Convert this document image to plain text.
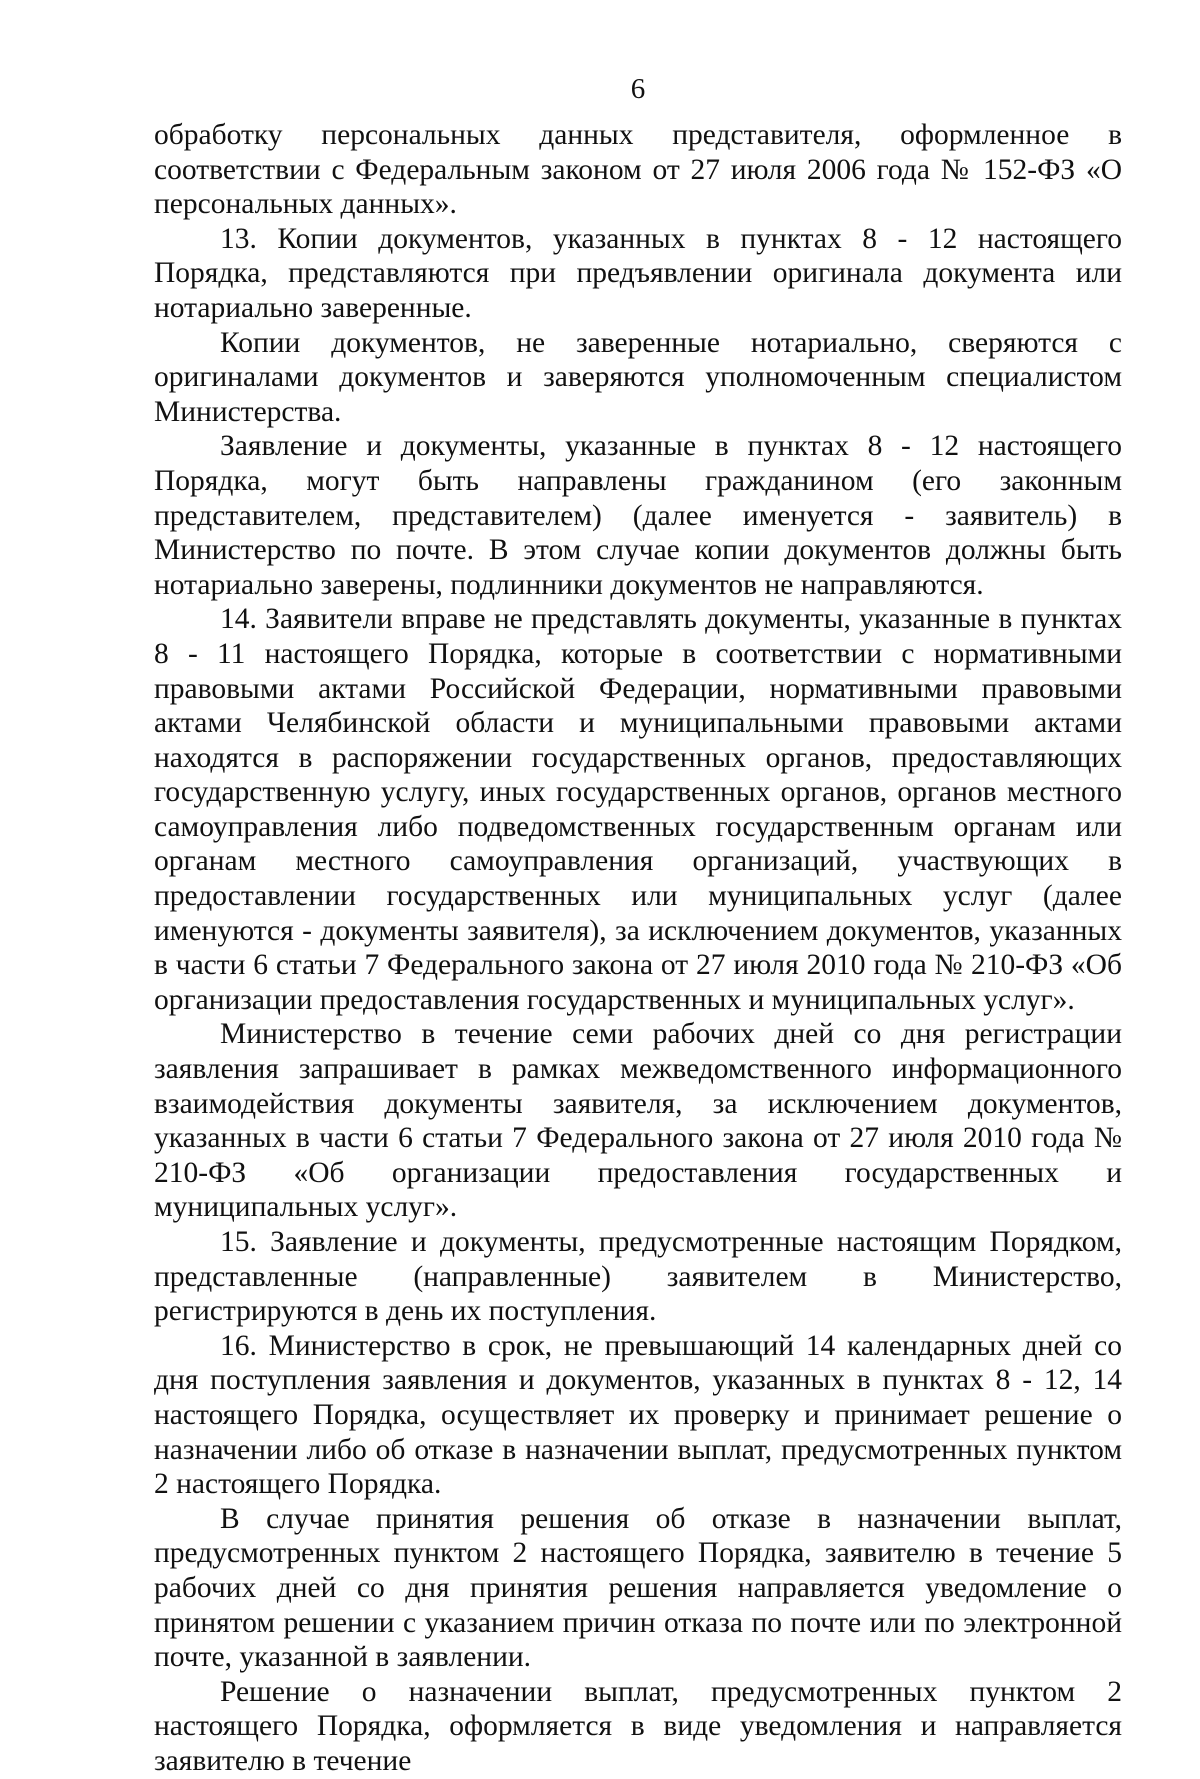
6

обработку персональных данных представителя, оформленное в соответствии с Федеральным законом от 27 июля 2006 года № 152-ФЗ «О персональных данных».

13. Копии документов, указанных в пунктах 8 - 12 настоящего Порядка, представляются при предъявлении оригинала документа или нотариально заверенные.

Копии документов, не заверенные нотариально, сверяются с оригиналами документов и заверяются уполномоченным специалистом Министерства.

Заявление и документы, указанные в пунктах 8 - 12 настоящего Порядка, могут быть направлены гражданином (его законным представителем, представителем) (далее именуется - заявитель) в Министерство по почте. В этом случае копии документов должны быть нотариально заверены, подлинники документов не направляются.

14. Заявители вправе не представлять документы, указанные в пунктах 8 - 11 настоящего Порядка, которые в соответствии с нормативными правовыми актами Российской Федерации, нормативными правовыми актами Челябинской области и муниципальными правовыми актами находятся в распоряжении государственных органов, предоставляющих государственную услугу, иных государственных органов, органов местного самоуправления либо подведомственных государственным органам или органам местного самоуправления организаций, участвующих в предоставлении государственных или муниципальных услуг (далее именуются - документы заявителя), за исключением документов, указанных в части 6 статьи 7 Федерального закона от 27 июля 2010 года № 210-ФЗ «Об организации предоставления государственных и муниципальных услуг».

Министерство в течение семи рабочих дней со дня регистрации заявления запрашивает в рамках межведомственного информационного взаимодействия документы заявителя, за исключением документов, указанных в части 6 статьи 7 Федерального закона от 27 июля 2010 года № 210-ФЗ «Об организации предоставления государственных и муниципальных услуг».

15. Заявление и документы, предусмотренные настоящим Порядком, представленные (направленные) заявителем в Министерство, регистрируются в день их поступления.

16. Министерство в срок, не превышающий 14 календарных дней со дня поступления заявления и документов, указанных в пунктах 8 - 12, 14 настоящего Порядка, осуществляет их проверку и принимает решение о назначении либо об отказе в назначении выплат, предусмотренных пунктом 2 настоящего Порядка.

В случае принятия решения об отказе в назначении выплат, предусмотренных пунктом 2 настоящего Порядка, заявителю в течение 5 рабочих дней со дня принятия решения направляется уведомление о принятом решении с указанием причин отказа по почте или по электронной почте, указанной в заявлении.

Решение о назначении выплат, предусмотренных пунктом 2 настоящего Порядка, оформляется в виде уведомления и направляется заявителю в течение
